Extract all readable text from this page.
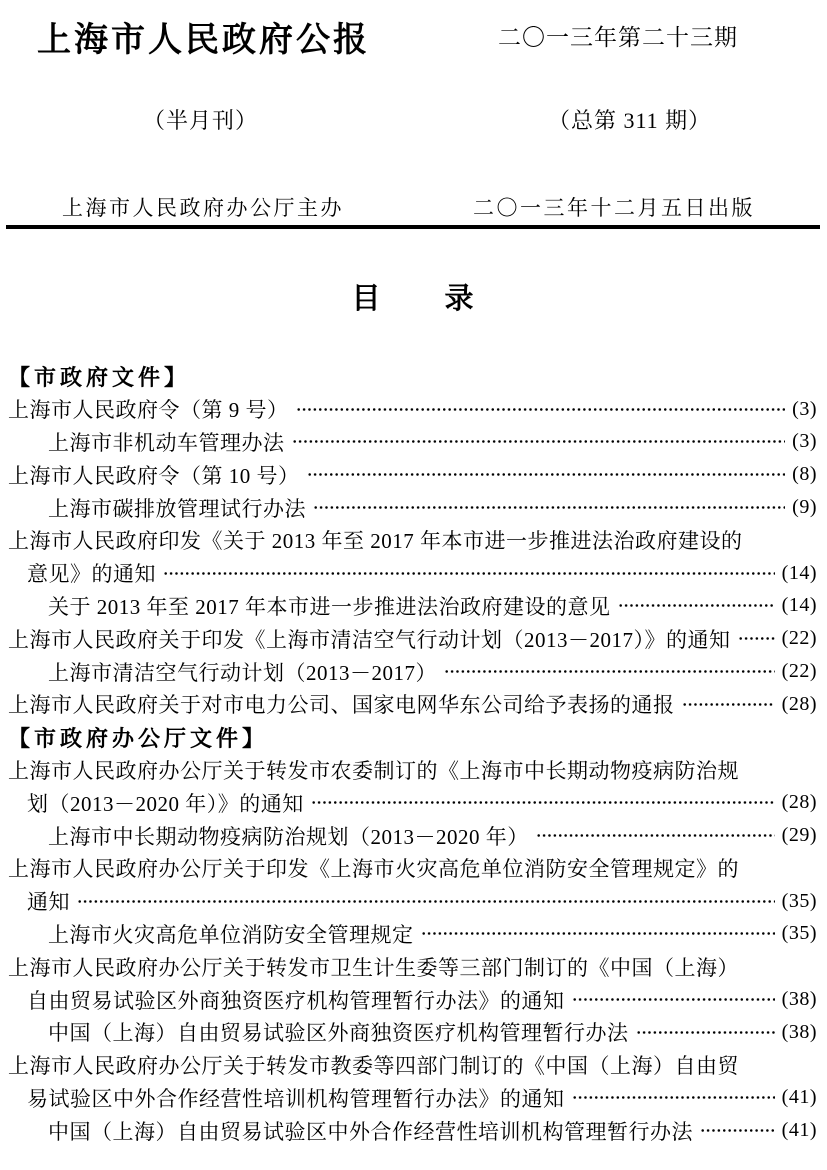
上海市人民政府公报	二〇一三年第二十三期
（半月刊）	（总第 311 期）
上海市人民政府办公厅主办	二〇一三年十二月五日出版
目　　录
【市政府文件】
上海市人民政府令（第 9 号）	(3)
上海市非机动车管理办法	(3)
上海市人民政府令（第 10 号）	(8)
上海市碳排放管理试行办法	(9)
上海市人民政府印发《关于 2013 年至 2017 年本市进一步推进法治政府建设的
意见》的通知	(14)
关于 2013 年至 2017 年本市进一步推进法治政府建设的意见	(14)
上海市人民政府关于印发《上海市清洁空气行动计划（2013－2017）》的通知	(22)
上海市清洁空气行动计划（2013－2017）	(22)
上海市人民政府关于对市电力公司、国家电网华东公司给予表扬的通报	(28)
【市政府办公厅文件】
上海市人民政府办公厅关于转发市农委制订的《上海市中长期动物疫病防治规
划（2013－2020 年）》的通知	(28)
上海市中长期动物疫病防治规划（2013－2020 年）	(29)
上海市人民政府办公厅关于印发《上海市火灾高危单位消防安全管理规定》的
通知	(35)
上海市火灾高危单位消防安全管理规定	(35)
上海市人民政府办公厅关于转发市卫生计生委等三部门制订的《中国（上海）
自由贸易试验区外商独资医疗机构管理暂行办法》的通知	(38)
中国（上海）自由贸易试验区外商独资医疗机构管理暂行办法	(38)
上海市人民政府办公厅关于转发市教委等四部门制订的《中国（上海）自由贸
易试验区中外合作经营性培训机构管理暂行办法》的通知	(41)
中国（上海）自由贸易试验区中外合作经营性培训机构管理暂行办法	(41)
